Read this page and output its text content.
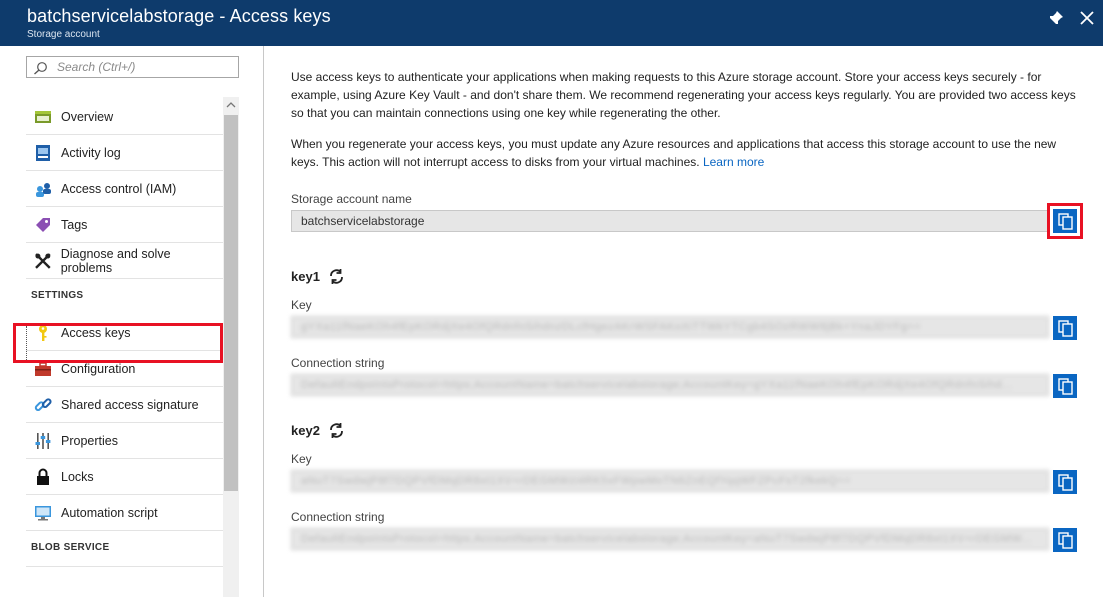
batchservicelabstorage - Access keys
Storage account
Search (Ctrl+/)
Overview
Activity log
Access control (IAM)
Tags
Diagnose and solve problems
SETTINGS
Access keys
Configuration
Shared access signature
Properties
Locks
Automation script
BLOB SERVICE

Use access keys to authenticate your applications when making requests to this Azure storage account. Store your access keys securely - for example, using Azure Key Vault - and don't share them. We recommend regenerating your access keys regularly. You are provided two access keys so that you can maintain connections using one key while regenerating the other.

When you regenerate your access keys, you must update any Azure resources and applications that access this storage account to use the new keys. This action will not interrupt access to disks from your virtual machines. Learn more

Storage account name
batchservicelabstorage
key1
Key
gYXa11fNaeKOh4fEpKORdjXe4OfQRdnfnSihdnzDLcfHgezAKrWSFAKoXiTTWkYTCgb4SOzRWW8jBk+YnaJDYFg==
Connection string
DefaultEndpointsProtocol=https;AccountName=batchservicelabstorage;AccountKey=gYXa11fNaeKOh4fEpKORdjXe4OfQRdnfnSihd...
key2
Key
aNuT7SwdwjP8f7DQPVfDMqDR8xt1XV+rDEGMWzi4RK5xFWpwMoTN6ZnEQfYqqWFZPcFsT2fkekQ==
Connection string
DefaultEndpointsProtocol=https;AccountName=batchservicelabstorage;AccountKey=aNuT7SwdwjP8f7DQPVfDMqDR8xt1XV+rDEGMW...
